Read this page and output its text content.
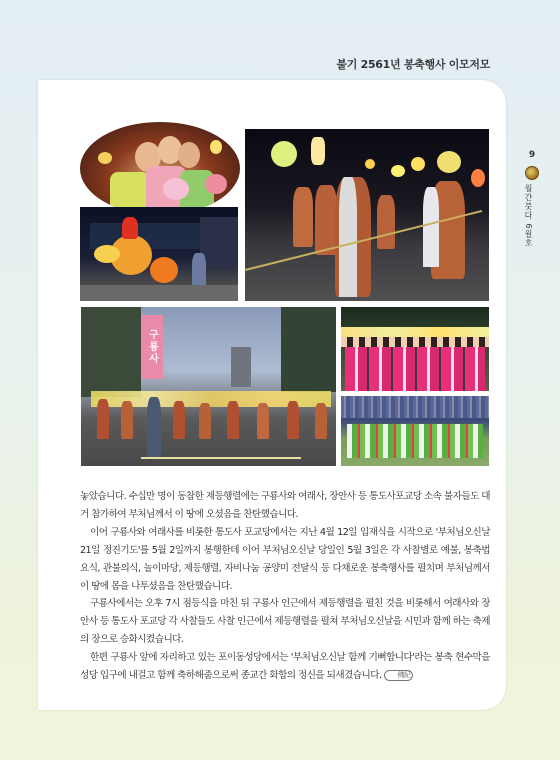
불기 2561년 봉축행사 이모저모
9
월간붓다 6월호
구룡사

놓았습니다. 수십만 명이 동참한 제등행렬에는 구룡사와 여래사, 장안사 등 통도사포교당 소속 불자들도 대거 참가하여 부처님께서 이 땅에 오셨음을 찬탄했습니다.

이어 구룡사와 여래사를 비롯한 통도사 포교당에서는 지난 4월 12일 입재식을 시작으로 '부처님오신날 21일 정진기도'를 5월 2일까지 봉행한데 이어 부처님오신날 당일인 5월 3일은 각 사찰별로 예불, 봉축법요식, 관불의식, 놀이마당, 제등행렬, 자비나눔 공양미 전달식 등 다채로운 봉축행사를 펼치며 부처님께서 이 땅에 몸을 나투셨음을 찬탄했습니다.

구룡사에서는 오후 7시 점등식을 마친 뒤 구룡사 인근에서 제등행렬을 펼친 것을 비롯해서 여래사와 장안사 등 통도사 포교당 각 사찰들도 사찰 인근에서 제등행렬을 펼쳐 부처님오신날을 시민과 함께 하는 축제의 장으로 승화시켰습니다.

한편 구룡사 앞에 자리하고 있는 포이동성당에서는 '부처님오신날 함께 기뻐합니다'라는 봉축 현수막을 성당 입구에 내걸고 함께 축하해줌으로써 종교간 화합의 정신을 되새겼습니다. 佛紀
